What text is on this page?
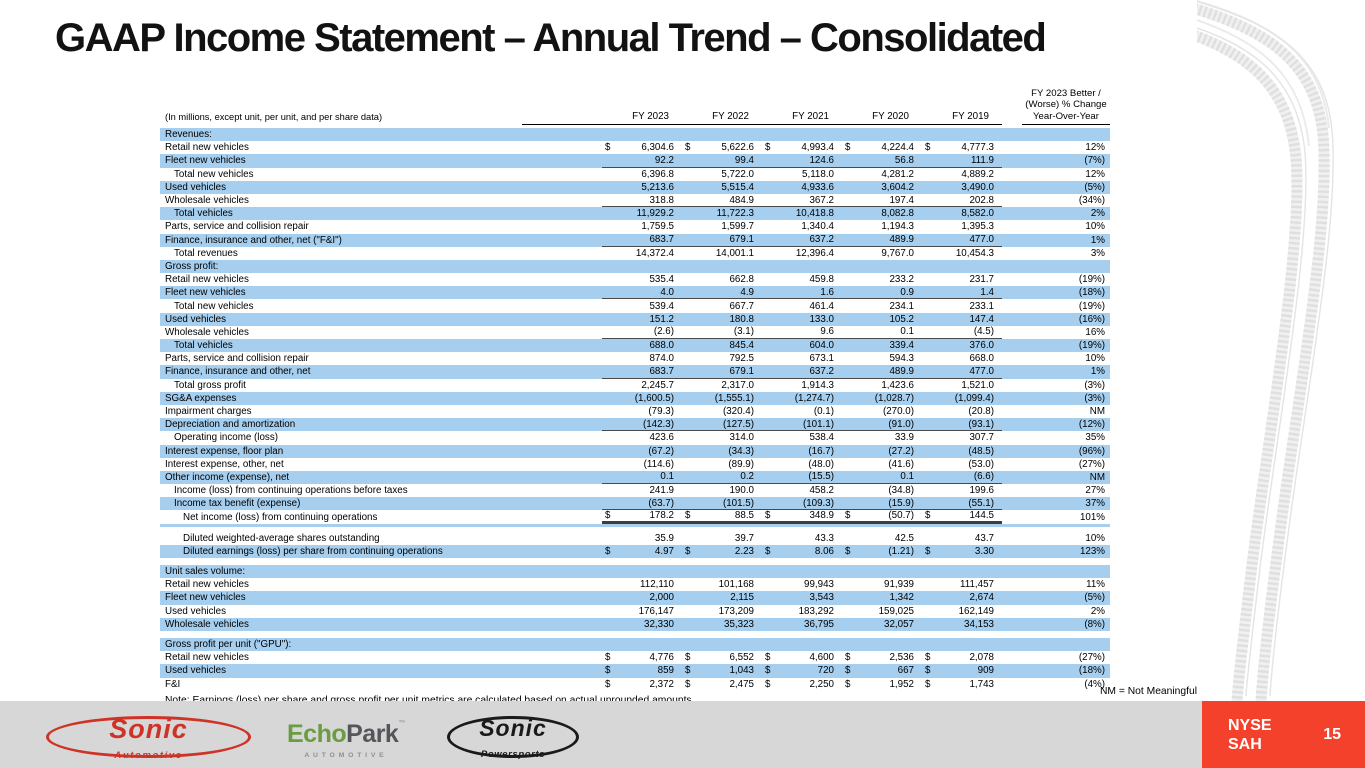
GAAP Income Statement – Annual Trend – Consolidated
(In millions, except unit, per unit, and per share data)	FY 2023	FY 2022	FY 2021	FY 2020	FY 2019
FY 2023 Better /
(Worse) % Change
Year-Over-Year
Revenues:
Retail new vehicles	$	6,304.6	$	5,622.6	$	4,993.4	$	4,224.4	$	4,777.3	12%
Fleet new vehicles	92.2	99.4	124.6	56.8	111.9	(7%)
Total new vehicles	6,396.8	5,722.0	5,118.0	4,281.2	4,889.2	12%
Used vehicles	5,213.6	5,515.4	4,933.6	3,604.2	3,490.0	(5%)
Wholesale vehicles	318.8	484.9	367.2	197.4	202.8	(34%)
Total vehicles	11,929.2	11,722.3	10,418.8	8,082.8	8,582.0	2%
Parts, service and collision repair	1,759.5	1,599.7	1,340.4	1,194.3	1,395.3	10%
Finance, insurance and other, net ("F&I")	683.7	679.1	637.2	489.9	477.0	1%
Total revenues	14,372.4	14,001.1	12,396.4	9,767.0	10,454.3	3%
Gross profit:
Retail new vehicles	535.4	662.8	459.8	233.2	231.7	(19%)
Fleet new vehicles	4.0	4.9	1.6	0.9	1.4	(18%)
Total new vehicles	539.4	667.7	461.4	234.1	233.1	(19%)
Used vehicles	151.2	180.8	133.0	105.2	147.4	(16%)
Wholesale vehicles	(2.6)	(3.1)	9.6	0.1	(4.5)	16%
Total vehicles	688.0	845.4	604.0	339.4	376.0	(19%)
Parts, service and collision repair	874.0	792.5	673.1	594.3	668.0	10%
Finance, insurance and other, net	683.7	679.1	637.2	489.9	477.0	1%
Total gross profit	2,245.7	2,317.0	1,914.3	1,423.6	1,521.0	(3%)
SG&A expenses	(1,600.5)	(1,555.1)	(1,274.7)	(1,028.7)	(1,099.4)	(3%)
Impairment charges	(79.3)	(320.4)	(0.1)	(270.0)	(20.8)	NM
Depreciation and amortization	(142.3)	(127.5)	(101.1)	(91.0)	(93.1)	(12%)
Operating income (loss)	423.6	314.0	538.4	33.9	307.7	35%
Interest expense, floor plan	(67.2)	(34.3)	(16.7)	(27.2)	(48.5)	(96%)
Interest expense, other, net	(114.6)	(89.9)	(48.0)	(41.6)	(53.0)	(27%)
Other income (expense), net	0.1	0.2	(15.5)	0.1	(6.6)	NM
Income (loss) from continuing operations before taxes	241.9	190.0	458.2	(34.8)	199.6	27%
Income tax benefit (expense)	(63.7)	(101.5)	(109.3)	(15.9)	(55.1)	37%
Net income (loss) from continuing operations	$	178.2	$	88.5	$	348.9	$	(50.7)	$	144.5	101%
Diluted weighted-average shares outstanding	35.9	39.7	43.3	42.5	43.7	10%
Diluted earnings (loss) per share from continuing operations	$	4.97	$	2.23	$	8.06	$	(1.21)	$	3.30	123%
Unit sales volume:
Retail new vehicles	112,110	101,168	99,943	91,939	111,457	11%
Fleet new vehicles	2,000	2,115	3,543	1,342	2,674	(5%)
Used vehicles	176,147	173,209	183,292	159,025	162,149	2%
Wholesale vehicles	32,330	35,323	36,795	32,057	34,153	(8%)
Gross profit per unit ("GPU"):
Retail new vehicles	$	4,776	$	6,552	$	4,600	$	2,536	$	2,078	(27%)
Used vehicles	$	859	$	1,043	$	720	$	667	$	909	(18%)
F&I	$	2,372	$	2,475	$	2,250	$	1,952	$	1,743	(4%)
NM = Not Meaningful
Sonic
Automotive
EchoPark™
AUTOMOTIVE
Sonic
Powersports
NYSE
SAH
15
